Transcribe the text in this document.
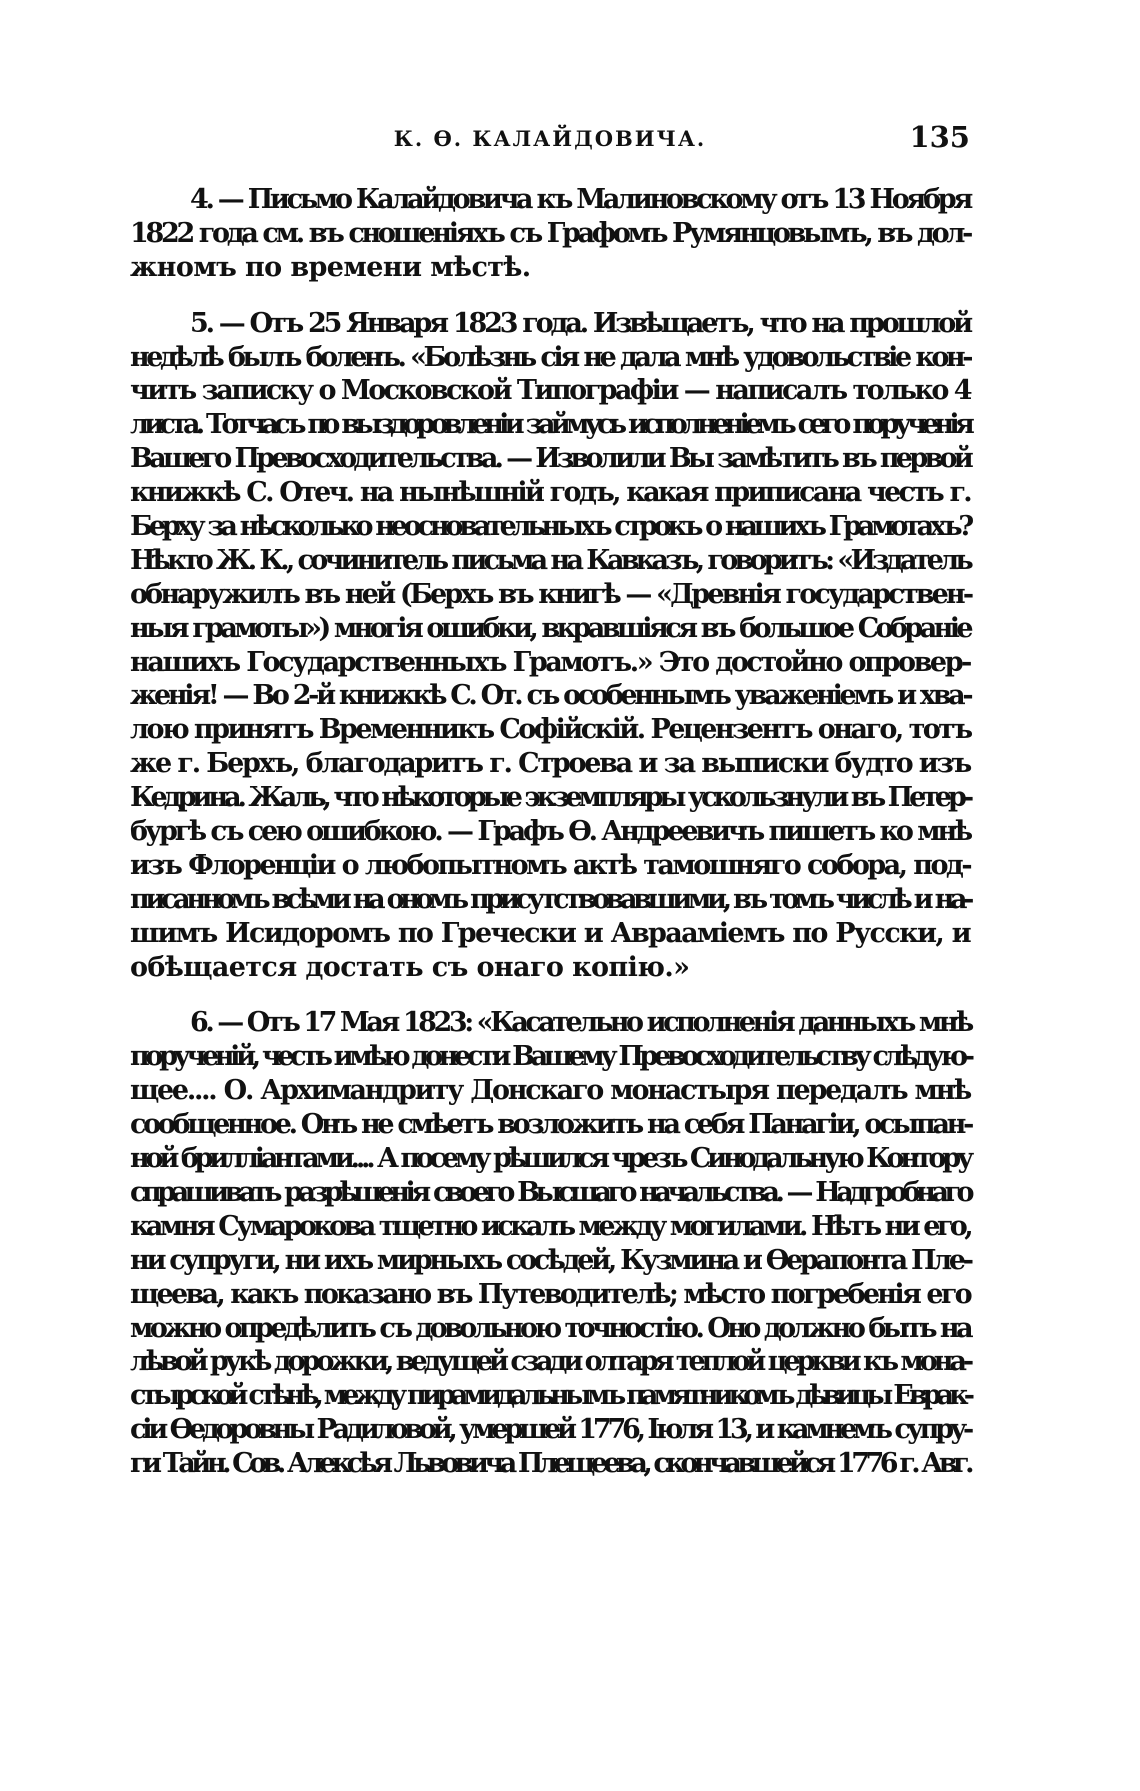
К. Ѳ. КАЛАЙДОВИЧА.	135

4. — Письмо Калайдовича къ Малиновскому отъ 13 Ноября
1822 года см. въ сношеніяхъ съ Графомъ Румянцовымъ, въ дол-
жномъ по времени мѣстѣ.

5. — Отъ 25 Января 1823 года. Извѣщаетъ, что на прошлой
недѣлѣ былъ боленъ. «Болѣзнь сія не дала мнѣ удовольствіе кон-
чить записку о Московской Типографіи — написалъ только 4
листа. Тотчасъ по выздоровленіи займусь исполненіемъ сего порученія
Вашего Превосходительства. — Изволили Вы замѣтить въ первой
книжкѣ С. Отеч. на нынѣшній годъ, какая приписана честь г.
Берху за нѣсколько неосновательныхъ строкъ о нашихъ Грамотахъ?
Нѣкто Ж. К., сочинитель письма на Кавказъ, говоритъ: «Издатель
обнаружилъ въ ней (Берхъ въ книгѣ — «Древнія государствен-
ныя грамоты») многія ошибки, вкравшіяся въ большое Собраніе
нашихъ Государственныхъ Грамотъ.» Это достойно опровер-
женія! — Во 2-й книжкѣ С. От. съ особеннымъ уваженіемъ и хва-
лою принятъ Временникъ Софійскій. Рецензентъ онаго, тотъ
же г. Берхъ, благодаритъ г. Строева и за выписки будто изъ
Кедрина. Жаль, что нѣкоторые экземпляры ускользнули въ Петер-
бургѣ съ сею ошибкою. — Графъ Ѳ. Андреевичъ пишетъ ко мнѣ
изъ Флоренціи о любопытномъ актѣ тамошняго собора, под-
писанномъ всѣми на ономъ присутствовавшими, въ томъ числѣ и на-
шимъ Исидоромъ по Гречески и Аврааміемъ по Русски, и
обѣщается достать съ онаго копію.»

6. — Отъ 17 Мая 1823: «Касательно исполненія данныхъ мнѣ
порученій, честь имѣю донести Вашему Превосходительству слѣдую-
щее.... О. Архимандриту Донскаго монастыря передалъ мнѣ
сообщенное. Онъ не смѣетъ возложить на себя Панагіи, осыпан-
ной бриллiантами.... А посему рѣшился чрезъ Синодальную Контору
спрашивать разрѣшенія своего Высшаго начальства. — Надгробнаго
камня Сумарокова тщетно искалъ между могилами. Нѣтъ ни его,
ни супруги, ни ихъ мирныхъ сосѣдей, Кузмина и Ѳерапонта Пле-
щеева, какъ показано въ Путеводителѣ; мѣсто погребенія его
можно опредѣлить съ довольною точностію. Оно должно быть на
лѣвой рукѣ дорожки, ведущей сзади олтаря теплой церкви къ мона-
стырской стѣнѣ, между пирамидальнымъ памятникомъ дѣвицы Еврак-
сіи Ѳедоровны Радиловой, умершей 1776, Іюля 13, и камнемъ супру-
ги Тайн. Сов. Алексѣя Львовича Плещеева, скончавшейся 1776 г. Авг.
